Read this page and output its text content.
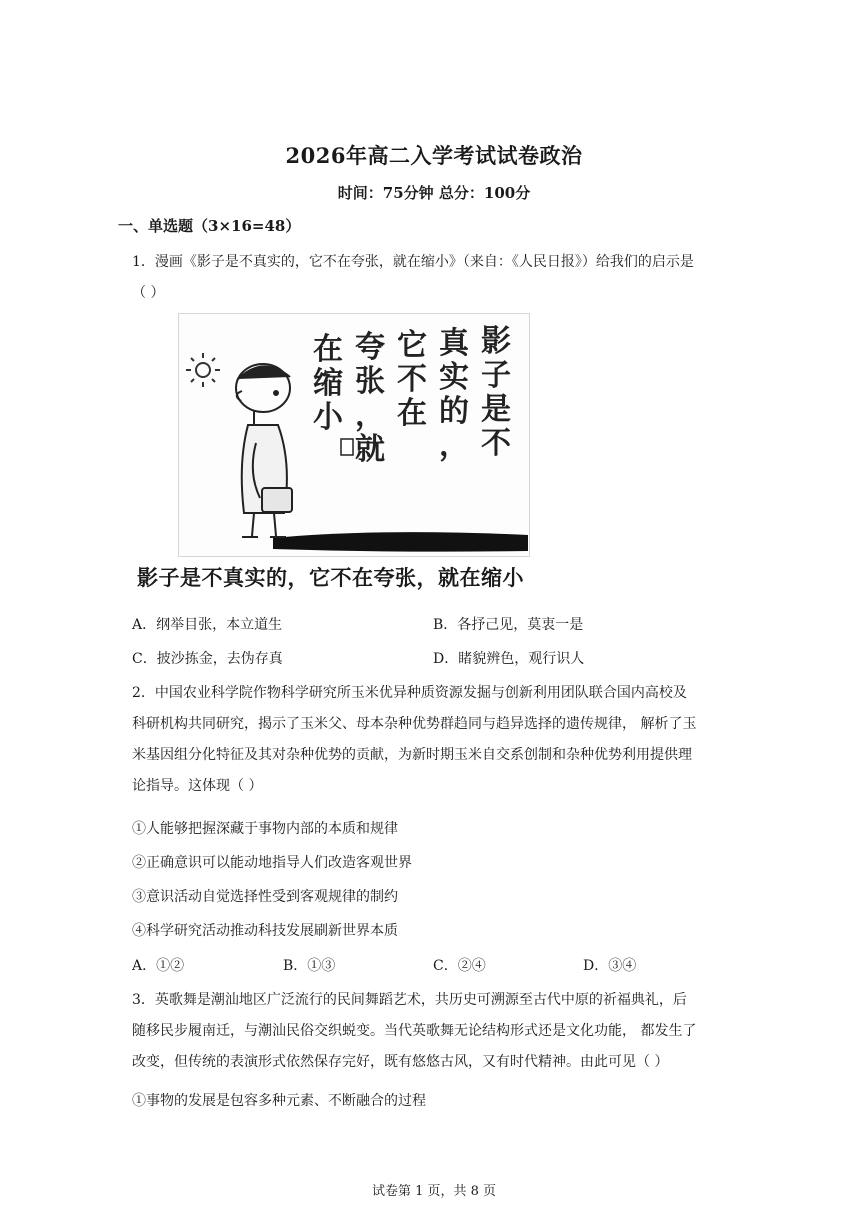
2026年高二入学考试试卷政治
时间：75分钟 总分：100分
一、单选题（3×16=48）
1．漫画《影子是不真实的，它不在夸张，就在缩小》（来自：《人民日报》）给我们的启示是
（ ）
影子是不
真实的，
它不在
夸张，就
在缩小
影子是不真实的，它不在夸张，就在缩小
A．纲举目张，本立道生	B．各抒己见，莫衷一是
C．披沙拣金，去伪存真	D．睹貌辨色，观行识人
2．中国农业科学院作物科学研究所玉米优异种质资源发掘与创新利用团队联合国内高校及
科研机构共同研究，揭示了玉米父、母本杂种优势群趋同与趋异选择的遗传规律， 解析了玉
米基因组分化特征及其对杂种优势的贡献，为新时期玉米自交系创制和杂种优势利用提供理
论指导。这体现（ ）
①人能够把握深藏于事物内部的本质和规律
②正确意识可以能动地指导人们改造客观世界
③意识活动自觉选择性受到客观规律的制约
④科学研究活动推动科技发展刷新世界本质
A．①②	B．①③	C．②④	D．③④
3．英歌舞是潮汕地区广泛流行的民间舞蹈艺术，共历史可溯源至古代中原的祈福典礼，后
随移民步履南迁，与潮汕民俗交织蜕变。当代英歌舞无论结构形式还是文化功能， 都发生了
改变，但传统的表演形式依然保存完好，既有悠悠古风，又有时代精神。由此可见（ ）
①事物的发展是包容多种元素、不断融合的过程
试卷第 1 页，共 8 页
